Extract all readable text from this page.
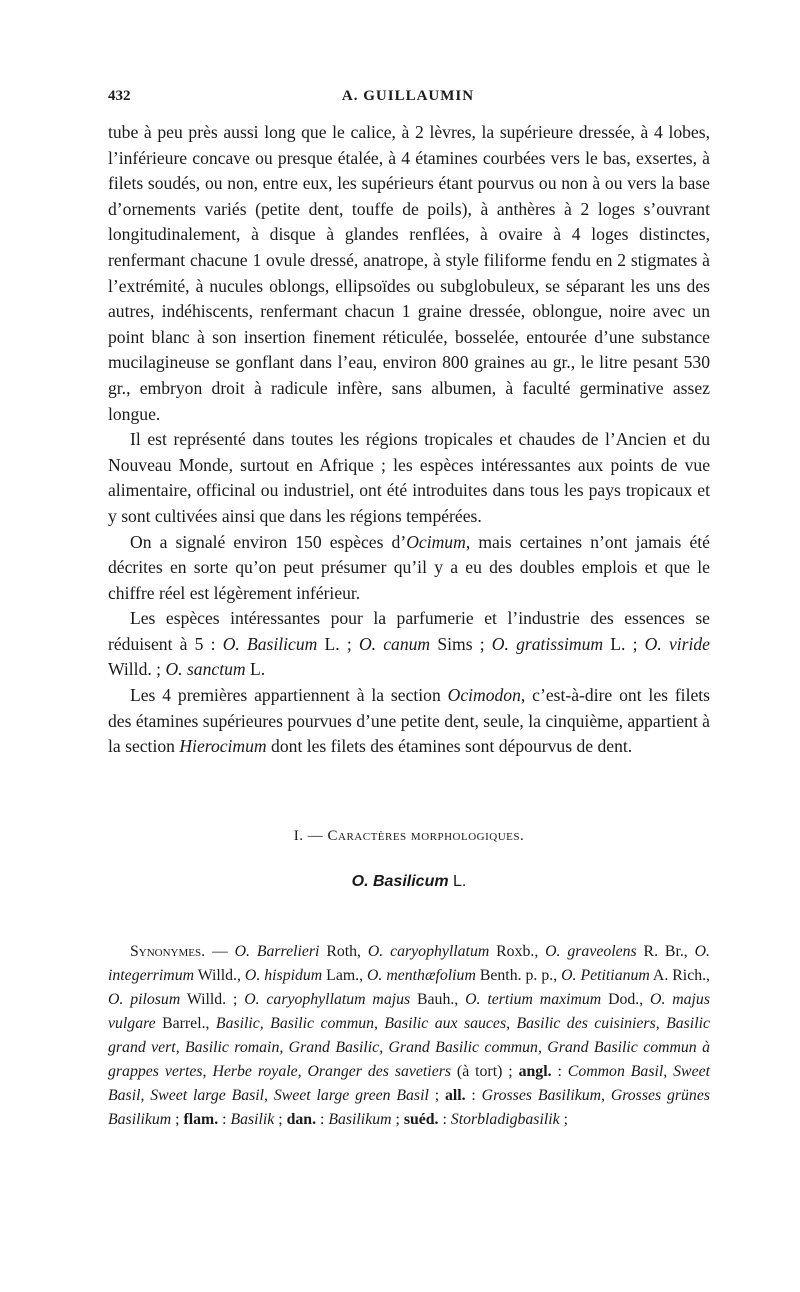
432	A. GUILLAUMIN

tube à peu près aussi long que le calice, à 2 lèvres, la supérieure dressée, à 4 lobes, l’inférieure concave ou presque étalée, à 4 étamines courbées vers le bas, exsertes, à filets soudés, ou non, entre eux, les supérieurs étant pourvus ou non à ou vers la base d’ornements variés (petite dent, touffe de poils), à anthères à 2 loges s’ouvrant longitudinalement, à disque à glandes renflées, à ovaire à 4 loges distinctes, renfermant chacune 1 ovule dressé, anatrope, à style filiforme fendu en 2 stigmates à l’extrémité, à nucules oblongs, ellipsoïdes ou subglobuleux, se séparant les uns des autres, indéhiscents, renfermant chacun 1 graine dressée, oblongue, noire avec un point blanc à son insertion finement réticulée, bosselée, entourée d’une substance mucilagineuse se gonflant dans l’eau, environ 800 graines au gr., le litre pesant 530 gr., embryon droit à radicule infère, sans albumen, à faculté germinative assez longue.

Il est représenté dans toutes les régions tropicales et chaudes de l’Ancien et du Nouveau Monde, surtout en Afrique ; les espèces intéressantes aux points de vue alimentaire, officinal ou industriel, ont été introduites dans tous les pays tropicaux et y sont cultivées ainsi que dans les régions tempérées.

On a signalé environ 150 espèces d’Ocimum, mais certaines n’ont jamais été décrites en sorte qu’on peut présumer qu’il y a eu des doubles emplois et que le chiffre réel est légèrement inférieur.

Les espèces intéressantes pour la parfumerie et l’industrie des essences se réduisent à 5 : O. Basilicum L. ; O. canum Sims ; O. gratissimum L. ; O. viride Willd. ; O. sanctum L.

Les 4 premières appartiennent à la section Ocimodon, c’est-à-dire ont les filets des étamines supérieures pourvues d’une petite dent, seule, la cinquième, appartient à la section Hierocimum dont les filets des étamines sont dépourvus de dent.

I. — Caractères morphologiques.
O. Basilicum L.

Synonymes. — O. Barrelieri Roth, O. caryophyllatum Roxb., O. graveolens R. Br., O. integerrimum Willd., O. hispidum Lam., O. menthæfolium Benth. p. p., O. Petitianum A. Rich., O. pilosum Willd. ; O. caryophyllatum majus Bauh., O. tertium maximum Dod., O. majus vulgare Barrel., Basilic, Basilic commun, Basilic aux sauces, Basilic des cuisiniers, Basilic grand vert, Basilic romain, Grand Basilic, Grand Basilic commun, Grand Basilic commun à grappes vertes, Herbe royale, Oranger des savetiers (à tort) ; angl. : Common Basil, Sweet Basil, Sweet large Basil, Sweet large green Basil ; all. : Grosses Basilikum, Grosses grünes Basilikum ; flam. : Basilik ; dan. : Basilikum ; suéd. : Storbladigbasilik ;
